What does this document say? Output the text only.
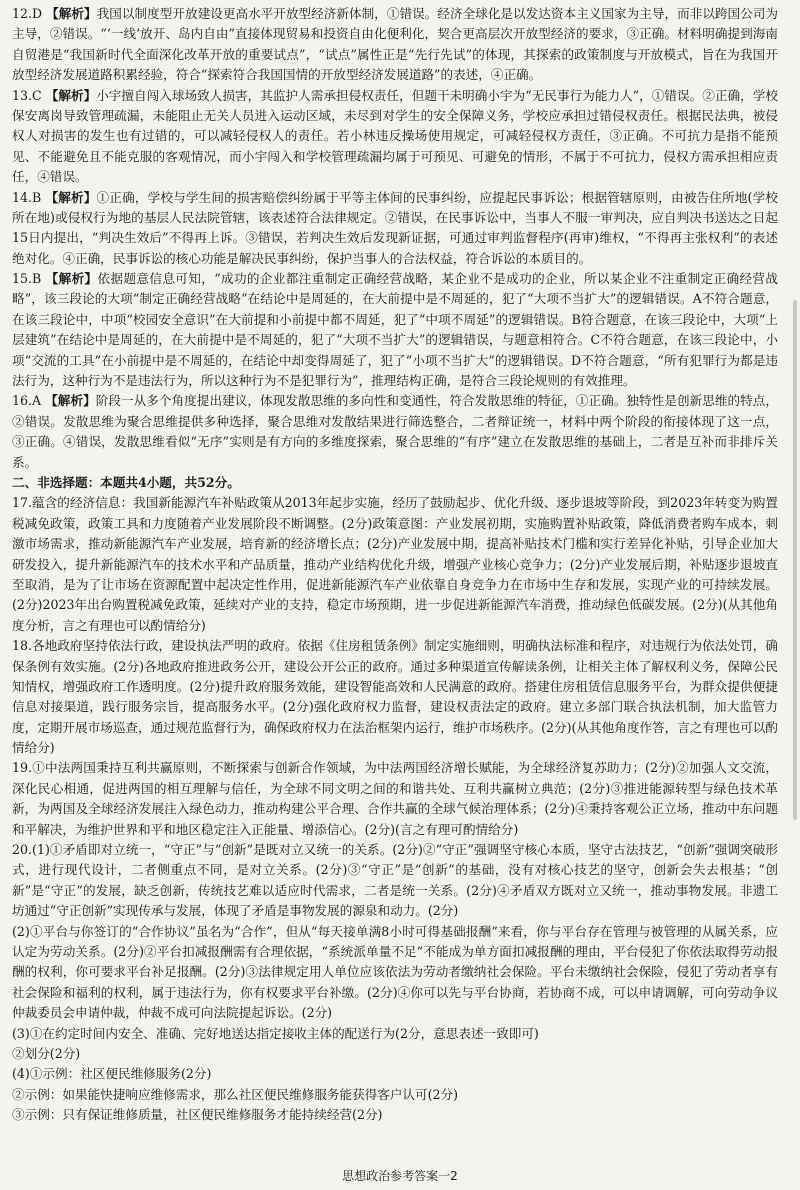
12.D 【解析】我国以制度型开放建设更高水平开放型经济新体制，①错误。经济全球化是以发达资本主义国家为主导，而非以跨国公司为主导，②错误。“‘一线’放开、岛内自由”直接体现贸易和投资自由化便利化，契合更高层次开放型经济的要求，③正确。材料明确提到海南自贸港是“我国新时代全面深化改革开放的重要试点”，“试点”属性正是“先行先试”的体现，其探索的政策制度与开放模式，旨在为我国开放型经济发展道路积累经验，符合“探索符合我国国情的开放型经济发展道路”的表述，④正确。
13.C 【解析】小宇擅自闯入球场致人损害，其监护人需承担侵权责任，但题干未明确小宇为“无民事行为能力人”，①错误。②正确，学校保安离岗导致管理疏漏，未能阻止无关人员进入运动区域，未尽到对学生的安全保障义务，学校应承担过错侵权责任。根据民法典，被侵权人对损害的发生也有过错的，可以减轻侵权人的责任。若小林违反操场使用规定，可减轻侵权方责任，③正确。不可抗力是指不能预见、不能避免且不能克服的客观情况，而小宇闯入和学校管理疏漏均属于可预见、可避免的情形，不属于不可抗力，侵权方需承担相应责任，④错误。
14.B 【解析】①正确，学校与学生间的损害赔偿纠纷属于平等主体间的民事纠纷，应提起民事诉讼；根据管辖原则，由被告住所地(学校所在地)或侵权行为地的基层人民法院管辖，该表述符合法律规定。②错误，在民事诉讼中，当事人不服一审判决，应自判决书送达之日起15日内提出，“判决生效后”不得再上诉。③错误，若判决生效后发现新证据，可通过审判监督程序(再审)维权，“不得再主张权利”的表述绝对化。④正确，民事诉讼的核心功能是解决民事纠纷，保护当事人的合法权益，符合诉讼的本质目的。
15.B 【解析】依据题意信息可知，“成功的企业都注重制定正确经营战略，某企业不是成功的企业，所以某企业不注重制定正确经营战略”，该三段论的大项“制定正确经营战略”在结论中是周延的，在大前提中是不周延的，犯了“大项不当扩大”的逻辑错误。A不符合题意，在该三段论中，中项“校园安全意识”在大前提和小前提中都不周延，犯了“中项不周延”的逻辑错误。B符合题意，在该三段论中，大项“上层建筑”在结论中是周延的，在大前提中是不周延的，犯了“大项不当扩大”的逻辑错误，与题意相符合。C不符合题意，在该三段论中，小项“交流的工具”在小前提中是不周延的，在结论中却变得周延了，犯了“小项不当扩大”的逻辑错误。D不符合题意，“所有犯罪行为都是违法行为，这种行为不是违法行为，所以这种行为不是犯罪行为”，推理结构正确，是符合三段论规则的有效推理。
16.A 【解析】阶段一从多个角度提出建议，体现发散思维的多向性和变通性，符合发散思维的特征，①正确。独特性是创新思维的特点，②错误。发散思维为聚合思维提供多种选择，聚合思维对发散结果进行筛选整合，二者辩证统一，材料中两个阶段的衔接体现了这一点，③正确。④错误，发散思维看似“无序”实则是有方向的多维度探索，聚合思维的“有序”建立在发散思维的基础上，二者是互补而非排斥关系。
二、非选择题：本题共4小题，共52分。
17.蕴含的经济信息：我国新能源汽车补贴政策从2013年起步实施，经历了鼓励起步、优化升级、逐步退坡等阶段，到2023年转变为购置税减免政策，政策工具和力度随着产业发展阶段不断调整。(2分)政策意图：产业发展初期，实施购置补贴政策，降低消费者购车成本，刺激市场需求，推动新能源汽车产业发展，培育新的经济增长点；(2分)产业发展中期，提高补贴技术门槛和实行差异化补贴，引导企业加大研发投入，提升新能源汽车的技术水平和产品质量，推动产业结构优化升级，增强产业核心竞争力；(2分)产业发展后期，补贴逐步退坡直至取消，是为了让市场在资源配置中起决定性作用，促进新能源汽车产业依靠自身竞争力在市场中生存和发展，实现产业的可持续发展。(2分)2023年出台购置税减免政策，延续对产业的支持，稳定市场预期，进一步促进新能源汽车消费，推动绿色低碳发展。(2分)(从其他角度分析，言之有理也可以酌情给分)
18.各地政府坚持依法行政，建设执法严明的政府。依据《住房租赁条例》制定实施细则，明确执法标准和程序，对违规行为依法处罚，确保条例有效实施。(2分)各地政府推进政务公开，建设公开公正的政府。通过多种渠道宣传解读条例，让相关主体了解权利义务，保障公民知情权，增强政府工作透明度。(2分)提升政府服务效能，建设智能高效和人民满意的政府。搭建住房租赁信息服务平台，为群众提供便捷信息对接渠道，践行服务宗旨，提高服务水平。(2分)强化政府权力监督，建设权责法定的政府。建立多部门联合执法机制，加大监管力度，定期开展市场巡查，通过规范监督行为，确保政府权力在法治框架内运行，维护市场秩序。(2分)(从其他角度作答，言之有理也可以酌情给分)
19.①中法两国秉持互利共赢原则，不断探索与创新合作领域，为中法两国经济增长赋能，为全球经济复苏助力；(2分)②加强人文交流，深化民心相通，促进两国的相互理解与信任，为全球不同文明之间的和谐共处、互利共赢树立典范；(2分)③推进能源转型与绿色技术革新，为两国及全球经济发展注入绿色动力，推动构建公平合理、合作共赢的全球气候治理体系；(2分)④秉持客观公正立场，推动中东问题和平解决，为维护世界和平和地区稳定注入正能量、增添信心。(2分)(言之有理可酌情给分)
20.(1)①矛盾即对立统一，“守正”与“创新”是既对立又统一的关系。(2分)②“守正”强调坚守核心本质，坚守古法技艺，“创新”强调突破形式，进行现代设计，二者侧重点不同，是对立关系。(2分)③“守正”是“创新”的基础，没有对核心技艺的坚守，创新会失去根基；“创新”是“守正”的发展，缺乏创新，传统技艺难以适应时代需求，二者是统一关系。(2分)④矛盾双方既对立又统一，推动事物发展。非遗工坊通过“守正创新”实现传承与发展，体现了矛盾是事物发展的源泉和动力。(2分)
(2)①平台与你签订的“合作协议”虽名为“合作”，但从“每天接单满8小时可得基础报酬”来看，你与平台存在管理与被管理的从属关系，应认定为劳动关系。(2分)②平台扣减报酬需有合理依据，“系统派单量不足”不能成为单方面扣减报酬的理由，平台侵犯了你依法取得劳动报酬的权利，你可要求平台补足报酬。(2分)③法律规定用人单位应该依法为劳动者缴纳社会保险。平台未缴纳社会保险，侵犯了劳动者享有社会保险和福利的权利，属于违法行为，你有权要求平台补缴。(2分)④你可以先与平台协商，若协商不成，可以申请调解，可向劳动争议仲裁委员会申请仲裁，仲裁不成可向法院提起诉讼。(2分)
(3)①在约定时间内安全、准确、完好地送达指定接收主体的配送行为(2分，意思表述一致即可)
②划分(2分)
(4)①示例：社区便民维修服务(2分)
②示例：如果能快捷响应维修需求，那么社区便民维修服务能获得客户认可(2分)
③示例：只有保证维修质量，社区便民维修服务才能持续经营(2分)
思想政治参考答案一2
